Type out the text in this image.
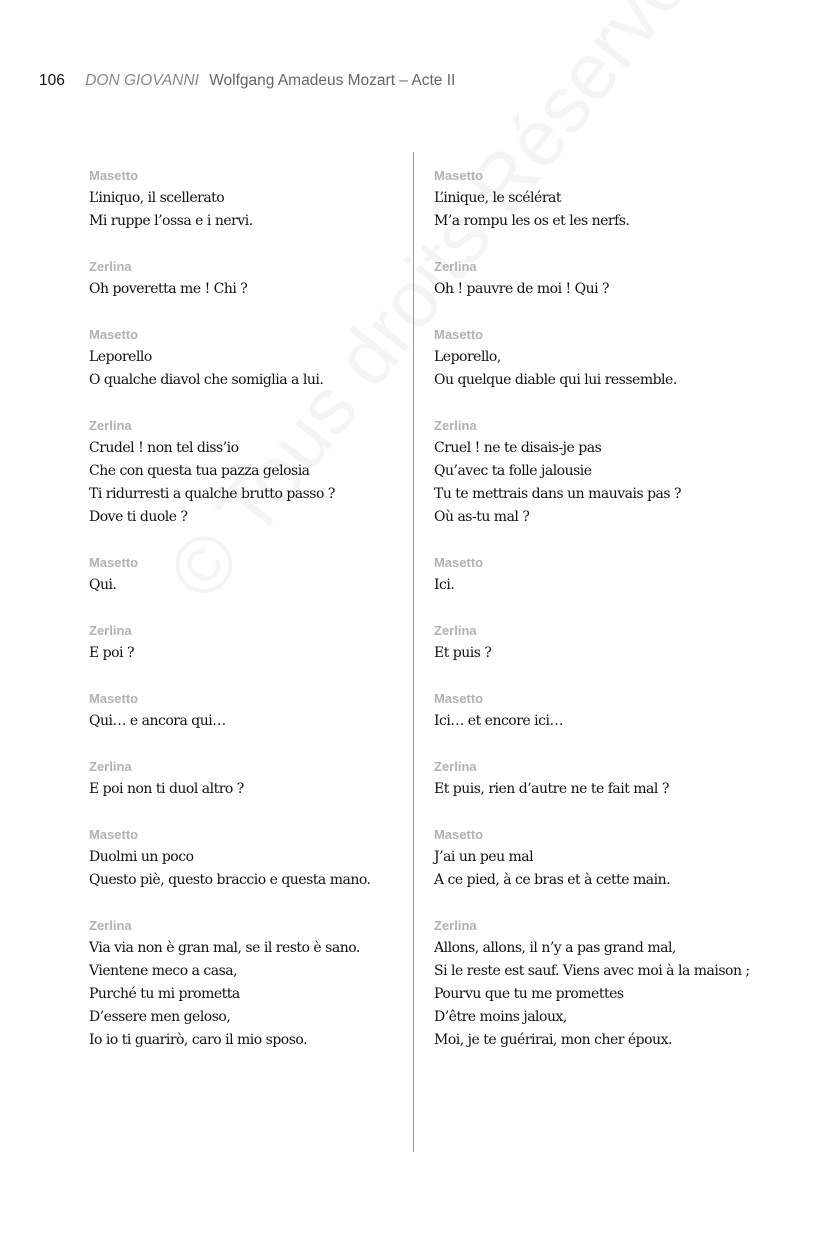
106 DON GIOVANNI Wolfgang Amadeus Mozart – Acte II
Masetto
L’iniquo, il scellerato
Mi ruppe l’ossa e i nervi.
Zerlina
Oh poveretta me ! Chi ?
Masetto
Leporello
O qualche diavol che somiglia a lui.
Zerlina
Crudel ! non tel diss’io
Che con questa tua pazza gelosia
Ti ridurresti a qualche brutto passo ?
Dove ti duole ?
Masetto
Qui.
Zerlina
E poi ?
Masetto
Qui… e ancora qui…
Zerlina
E poi non ti duol altro ?
Masetto
Duolmi un poco
Questo piè, questo braccio e questa mano.
Zerlina
Via via non è gran mal, se il resto è sano.
Vientene meco a casa,
Purché tu mi prometta
D’essere men geloso,
Io io ti guarirò, caro il mio sposo.
Masetto
L’inique, le scélérat
M’a rompu les os et les nerfs.
Zerlina
Oh ! pauvre de moi ! Qui ?
Masetto
Leporello,
Ou quelque diable qui lui ressemble.
Zerlina
Cruel ! ne te disais-je pas
Qu’avec ta folle jalousie
Tu te mettrais dans un mauvais pas ?
Où as-tu mal ?
Masetto
Ici.
Zerlina
Et puis ?
Masetto
Ici… et encore ici…
Zerlina
Et puis, rien d’autre ne te fait mal ?
Masetto
J’ai un peu mal
A ce pied, à ce bras et à cette main.
Zerlina
Allons, allons, il n’y a pas grand mal,
Si le reste est sauf. Viens avec moi à la maison ;
Pourvu que tu me promettes
D’être moins jaloux,
Moi, je te guérirai, mon cher époux.
